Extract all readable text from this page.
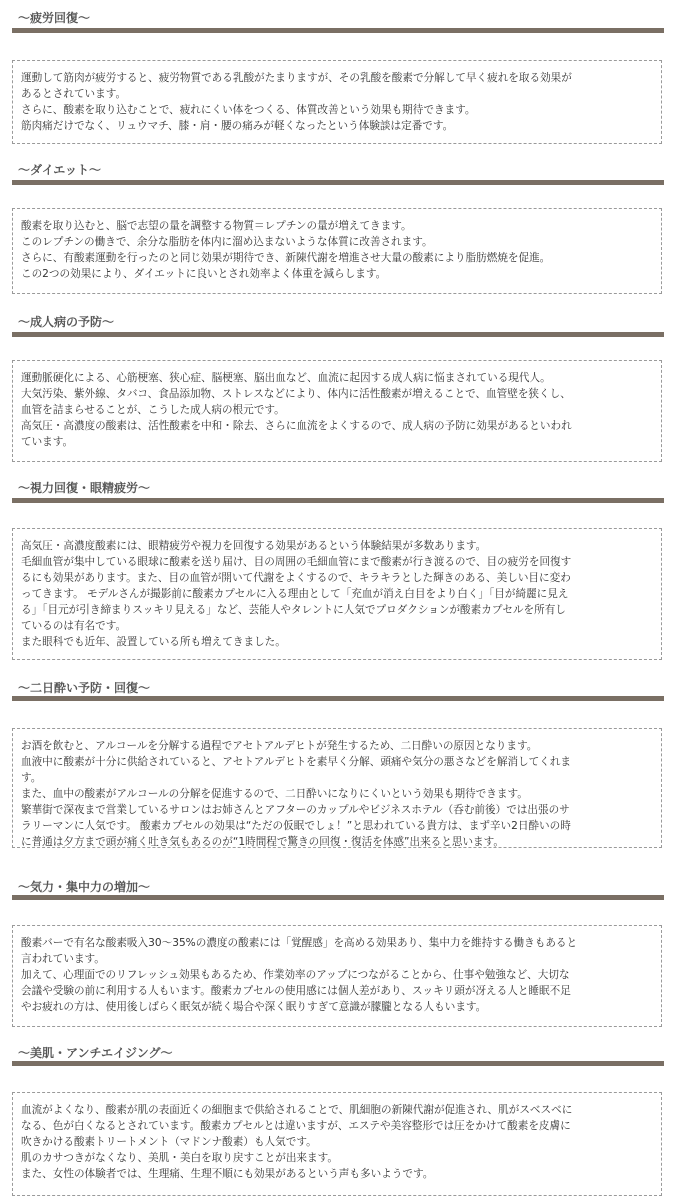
〜疲労回復〜
運動して筋肉が疲労すると、疲労物質である乳酸がたまりますが、その乳酸を酸素で分解して早く疲れを取る効果が
あるとされています。
さらに、酸素を取り込むことで、疲れにくい体をつくる、体質改善という効果も期待できます。
筋肉痛だけでなく、リュウマチ、膝・肩・腰の痛みが軽くなったという体験談は定番です。
〜ダイエット〜
酸素を取り込むと、脳で志望の量を調整する物質＝レプチンの量が増えてきます。
このレプチンの働きで、余分な脂肪を体内に溜め込まないような体質に改善されます。
さらに、有酸素運動を行ったのと同じ効果が期待でき、新陳代謝を増進させ大量の酸素により脂肪燃焼を促進。
この2つの効果により、ダイエットに良いとされ効率よく体重を減らします。
〜成人病の予防〜
運動脈硬化による、心筋梗塞、狭心症、脳梗塞、脳出血など、血流に起因する成人病に悩まされている現代人。
大気汚染、紫外線、タバコ、食品添加物、ストレスなどにより、体内に活性酸素が増えることで、血管壁を狭くし、
血管を詰まらせることが、こうした成人病の根元です。
高気圧・高濃度の酸素は、活性酸素を中和・除去、さらに血流をよくするので、成人病の予防に効果があるといわれ
ています。
〜視力回復・眼精疲労〜
高気圧・高濃度酸素には、眼精疲労や視力を回復する効果があるという体験結果が多数あります。
毛細血管が集中している眼球に酸素を送り届け、目の周囲の毛細血管にまで酸素が行き渡るので、目の疲労を回復す
るにも効果があります。また、目の血管が開いて代謝をよくするので、キラキラとした輝きのある、美しい目に変わ
ってきます。 モデルさんが撮影前に酸素カプセルに入る理由として「充血が消え白目をより白く」「目が綺麗に見え
る」「目元が引き締まりスッキリ見える」など、芸能人やタレントに人気でプロダクションが酸素カプセルを所有し
ているのは有名です。
また眼科でも近年、設置している所も増えてきました。
〜二日酔い予防・回復〜
お酒を飲むと、アルコールを分解する過程でアセトアルデヒトが発生するため、二日酔いの原因となります。
血液中に酸素が十分に供給されていると、アセトアルデヒトを素早く分解、頭痛や気分の悪さなどを解消してくれま
す。
また、血中の酸素がアルコールの分解を促進するので、二日酔いになりにくいという効果も期待できます。
繁華街で深夜まで営業しているサロンはお姉さんとアフターのカップルやビジネスホテル（呑む前後）では出張のサ
ラリーマンに人気です。 酸素カプセルの効果は“ただの仮眠でしょ！”と思われている貴方は、まず辛い2日酔いの時
に普通は夕方まで頭が痛く吐き気もあるのが“1時間程で驚きの回復・復活を体感”出来ると思います。
〜気力・集中力の増加〜
酸素バーで有名な酸素吸入30〜35%の濃度の酸素には「覚醒感」を高める効果あり、集中力を維持する働きもあると
言われています。
加えて、心理面でのリフレッシュ効果もあるため、作業効率のアップにつながることから、仕事や勉強など、大切な
会議や受験の前に利用する人もいます。酸素カプセルの使用感には個人差があり、スッキリ頭が冴える人と睡眠不足
やお疲れの方は、使用後しばらく眠気が続く場合や深く眠りすぎて意識が朦朧となる人もいます。
〜美肌・アンチエイジング〜
血流がよくなり、酸素が肌の表面近くの細胞まで供給されることで、肌細胞の新陳代謝が促進され、肌がスベスベに
なる、色が白くなるとされています。酸素カプセルとは違いますが、エステや美容整形では圧をかけて酸素を皮膚に
吹きかける酸素トリートメント（マドンナ酸素）も人気です。
肌のカサつきがなくなり、美肌・美白を取り戻すことが出来ます。
また、女性の体験者では、生理痛、生理不順にも効果があるという声も多いようです。
